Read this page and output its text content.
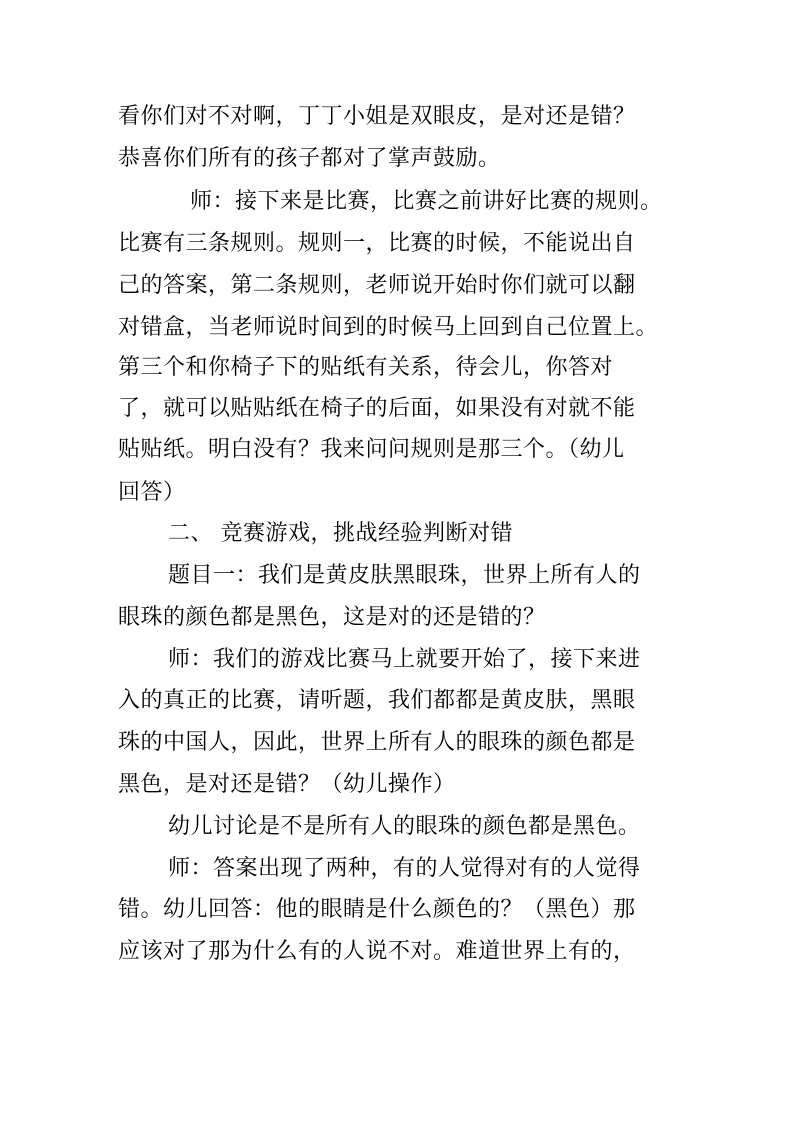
看你们对不对啊，丁丁小姐是双眼皮，是对还是错？
恭喜你们所有的孩子都对了掌声鼓励。
师：接下来是比赛，比赛之前讲好比赛的规则。
比赛有三条规则。规则一，比赛的时候，不能说出自
己的答案，第二条规则，老师说开始时你们就可以翻
对错盒，当老师说时间到的时候马上回到自己位置上。
第三个和你椅子下的贴纸有关系，待会儿，你答对
了，就可以贴贴纸在椅子的后面，如果没有对就不能
贴贴纸。明白没有？我来问问规则是那三个。（幼儿
回答）
二、 竞赛游戏，挑战经验判断对错
题目一：我们是黄皮肤黑眼珠，世界上所有人的
眼珠的颜色都是黑色，这是对的还是错的？
师：我们的游戏比赛马上就要开始了，接下来进
入的真正的比赛，请听题，我们都都是黄皮肤，黑眼
珠的中国人，因此，世界上所有人的眼珠的颜色都是
黑色，是对还是错？（幼儿操作）
幼儿讨论是不是所有人的眼珠的颜色都是黑色。
师：答案出现了两种，有的人觉得对有的人觉得
错。幼儿回答：他的眼睛是什么颜色的？（黑色）那
应该对了那为什么有的人说不对。难道世界上有的，
